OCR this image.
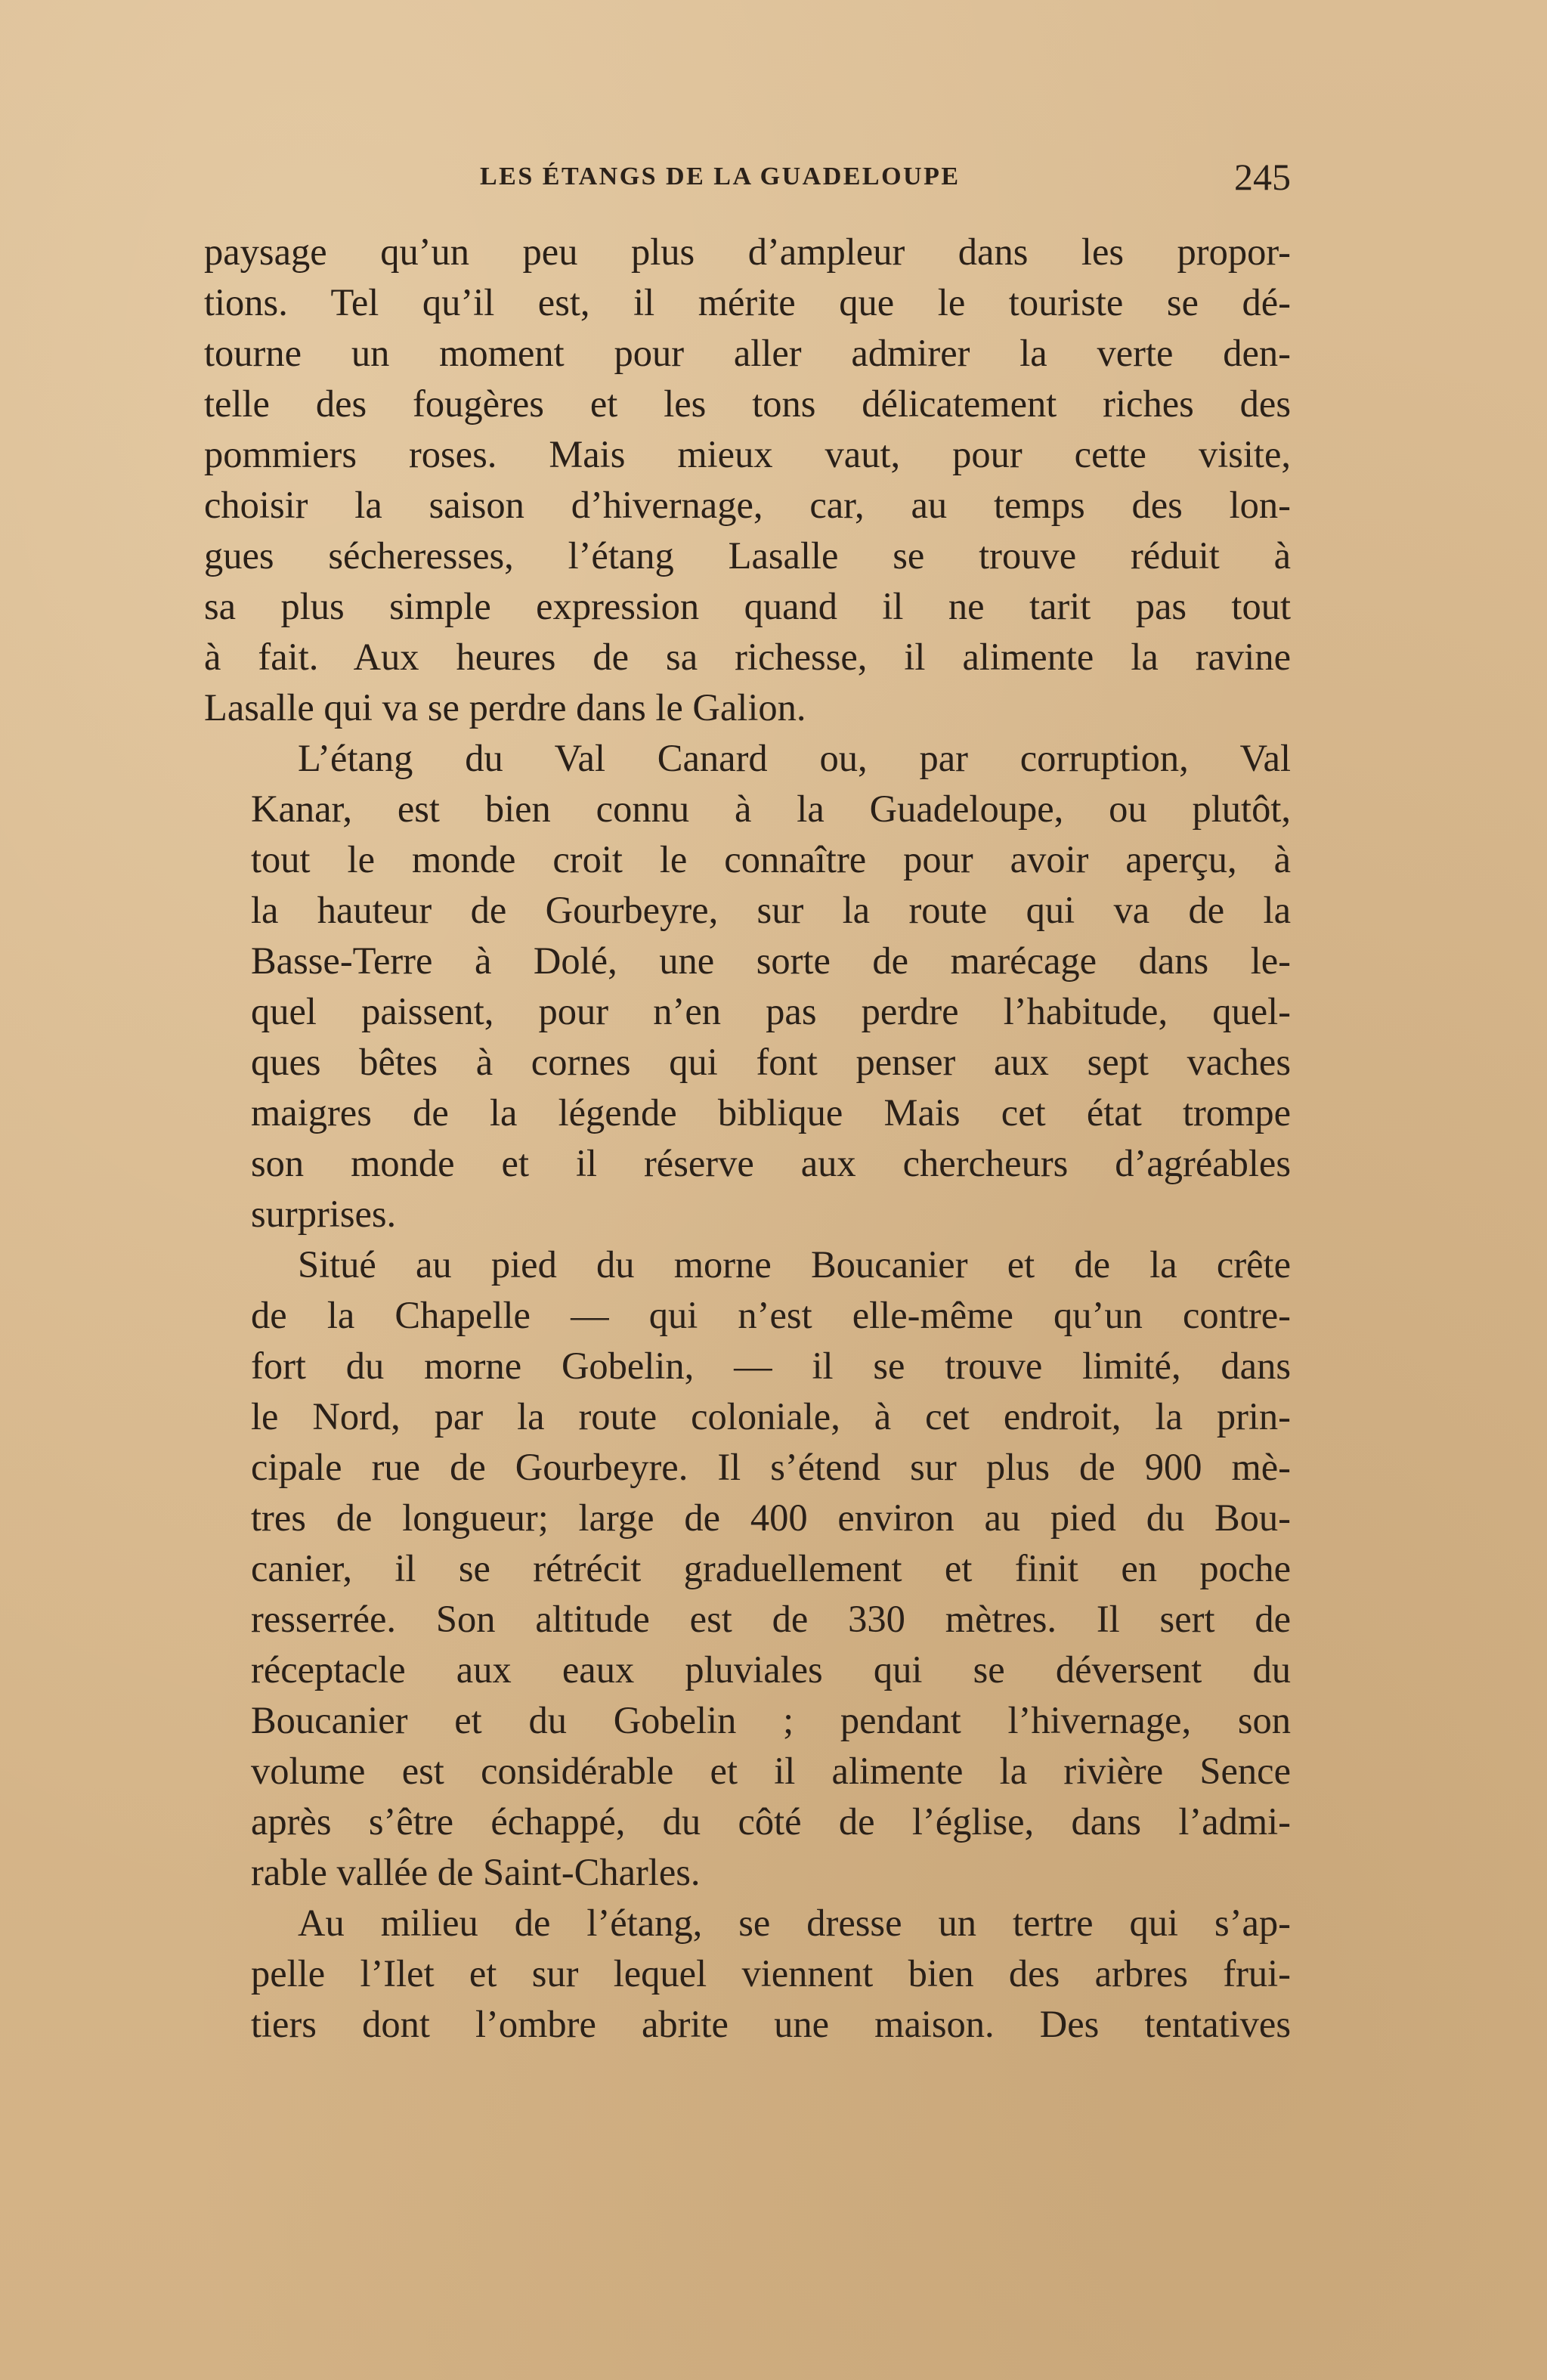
LES ÉTANGS DE LA GUADELOUPE	245

paysage qu’un peu plus d’ampleur dans les propor-
tions. Tel qu’il est, il mérite que le touriste se dé-
tourne un moment pour aller admirer la verte den-
telle des fougères et les tons délicatement riches des
pommiers roses. Mais mieux vaut, pour cette visite,
choisir la saison d’hivernage, car, au temps des lon-
gues sécheresses, l’étang Lasalle se trouve réduit à
sa plus simple expression quand il ne tarit pas tout
à fait. Aux heures de sa richesse, il alimente la ravine
Lasalle qui va se perdre dans le Galion.

L’étang du Val Canard ou, par corruption, Val
Kanar, est bien connu à la Guadeloupe, ou plutôt,
tout le monde croit le connaître pour avoir aperçu, à
la hauteur de Gourbeyre, sur la route qui va de la
Basse-Terre à Dolé, une sorte de marécage dans le-
quel paissent, pour n’en pas perdre l’habitude, quel-
ques bêtes à cornes qui font penser aux sept vaches
maigres de la légende biblique Mais cet état trompe
son monde et il réserve aux chercheurs d’agréables
surprises.

Situé au pied du morne Boucanier et de la crête
de la Chapelle — qui n’est elle-même qu’un contre-
fort du morne Gobelin, — il se trouve limité, dans
le Nord, par la route coloniale, à cet endroit, la prin-
cipale rue de Gourbeyre. Il s’étend sur plus de 900 mè-
tres de longueur; large de 400 environ au pied du Bou-
canier, il se rétrécit graduellement et finit en poche
resserrée. Son altitude est de 330 mètres. Il sert de
réceptacle aux eaux pluviales qui se déversent du
Boucanier et du Gobelin ; pendant l’hivernage, son
volume est considérable et il alimente la rivière Sence
après s’être échappé, du côté de l’église, dans l’admi-
rable vallée de Saint-Charles.

Au milieu de l’étang, se dresse un tertre qui s’ap-
pelle l’Ilet et sur lequel viennent bien des arbres frui-
tiers dont l’ombre abrite une maison. Des tentatives
